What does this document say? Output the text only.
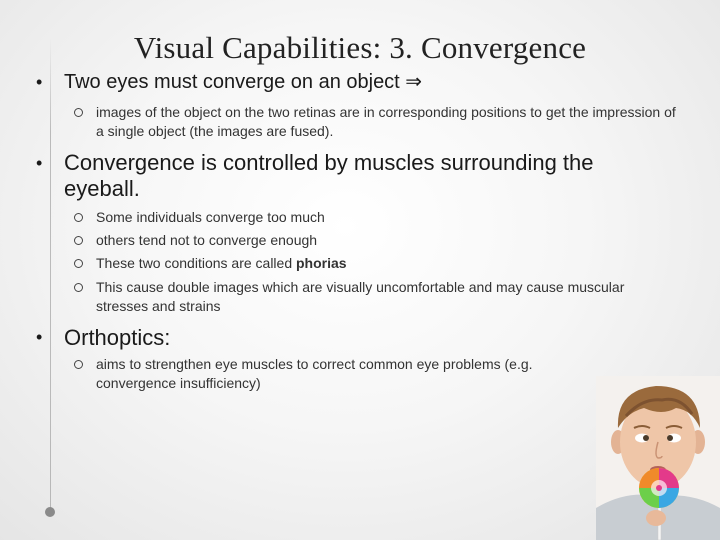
Visual Capabilities: 3. Convergence
• Two eyes must converge on an object ⇒
images of the object on the two retinas are in corresponding positions to get the impression of a single object (the images are fused).
• Convergence is controlled by muscles surrounding the eyeball.
Some individuals converge too much
others tend not to converge enough
These two conditions are called phorias
This cause double images which are visually uncomfortable and may cause muscular stresses and strains
• Orthoptics:
aims to strengthen eye muscles to correct common eye problems (e.g. convergence insufficiency)
